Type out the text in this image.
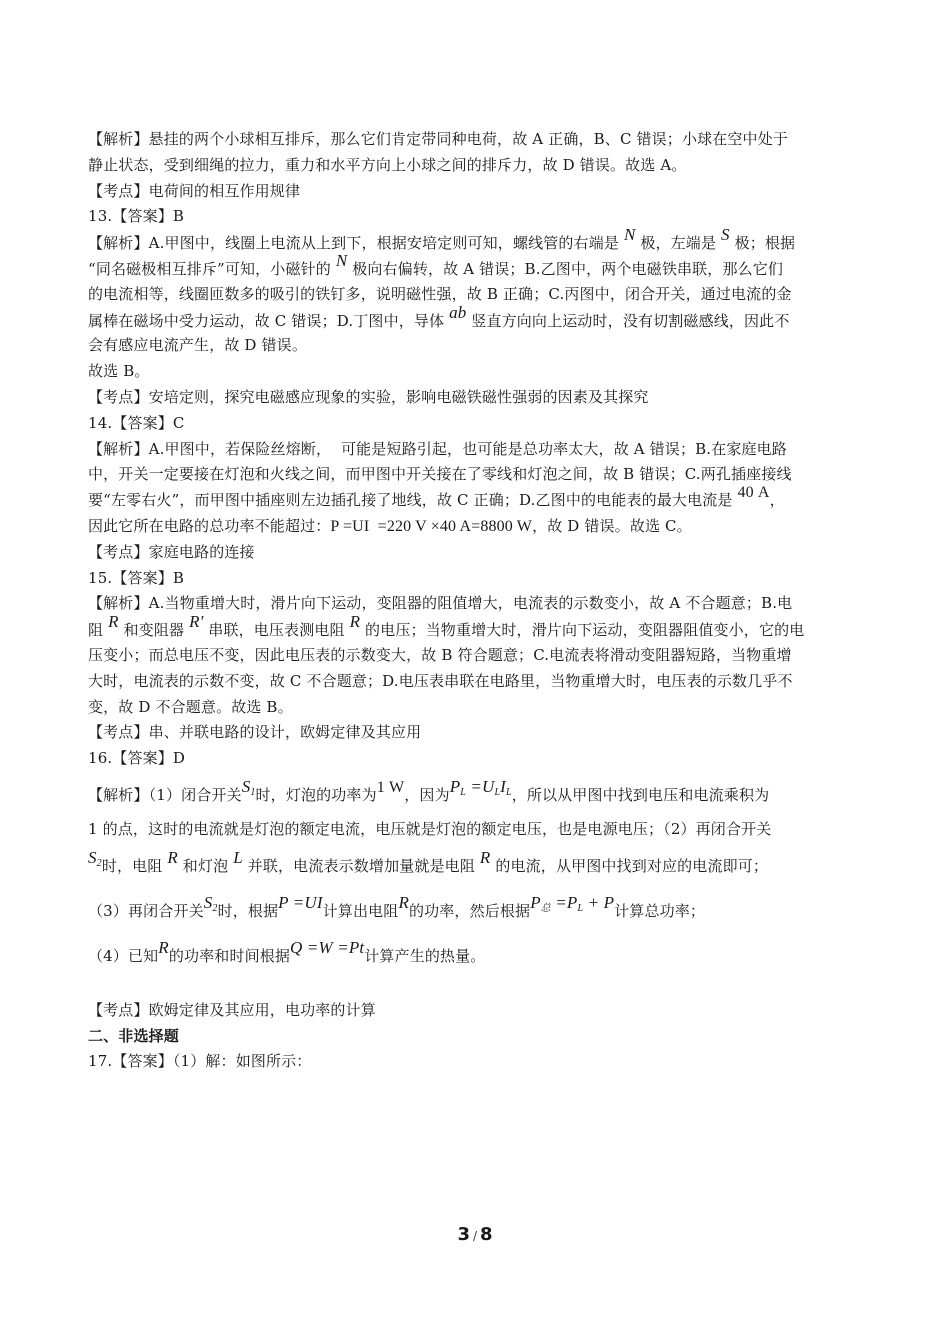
【解析】悬挂的两个小球相互排斥，那么它们肯定带同种电荷，故 A 正确，B、C 错误；小球在空中处于
静止状态，受到细绳的拉力，重力和水平方向上小球之间的排斥力，故 D 错误。故选 A。
【考点】电荷间的相互作用规律
13.【答案】B
【解析】A.甲图中，线圈上电流从上到下，根据安培定则可知，螺线管的右端是 N 极，左端是 S 极；根据
“同名磁极相互排斥”可知，小磁针的 N 极向右偏转，故 A 错误；B.乙图中，两个电磁铁串联，那么它们
的电流相等，线圈匝数多的吸引的铁钉多，说明磁性强，故 B 正确；C.丙图中，闭合开关，通过电流的金
属棒在磁场中受力运动，故 C 错误；D.丁图中，导体 ab 竖直方向向上运动时，没有切割磁感线，因此不
会有感应电流产生，故 D 错误。
故选 B。
【考点】安培定则，探究电磁感应现象的实验，影响电磁铁磁性强弱的因素及其探究
14.【答案】C
【解析】A.甲图中，若保险丝熔断，  可能是短路引起，也可能是总功率太大，故 A 错误；B.在家庭电路
中，开关一定要接在灯泡和火线之间，而甲图中开关接在了零线和灯泡之间，故 B 错误；C.两孔插座接线
要“左零右火”，而甲图中插座则左边插孔接了地线，故 C 正确；D.乙图中的电能表的最大电流是 40 A，
因此它所在电路的总功率不能超过：P =UI  =220 V ×40 A=8800 W，故 D 错误。故选 C。
【考点】家庭电路的连接
15.【答案】B
【解析】A.当物重增大时，滑片向下运动，变阻器的阻值增大，电流表的示数变小，故 A 不合题意；B.电
阻 R 和变阻器 R' 串联，电压表测电阻 R 的电压；当物重增大时，滑片向下运动，变阻器阻值变小，它的电
压变小；而总电压不变，因此电压表的示数变大，故 B 符合题意；C.电流表将滑动变阻器短路，当物重增
大时，电流表的示数不变，故 C 不合题意；D.电压表串联在电路里，当物重增大时，电压表的示数几乎不
变，故 D 不合题意。故选 B。
【考点】串、并联电路的设计，欧姆定律及其应用
16.【答案】D
【解析】（1）闭合开关$S_1$时，灯泡的功率为1 W，因为$P_L =U_LI_L$，所以从甲图中找到电压和电流乘积为
1 的点，这时的电流就是灯泡的额定电流，电压就是灯泡的额定电压，也是电源电压；（2）再闭合开关
$S_2$时，电阻 R 和灯泡 L 并联，电流表示数增加量就是电阻 R 的电流，从甲图中找到对应的电流即可；
（3）再闭合开关$S_2$时，根据P =UI计算出电阻R的功率，然后根据$P_总 =P_L + P$计算总功率；
（4）已知R的功率和时间根据Q =W =Pt计算产生的热量。
【考点】欧姆定律及其应用，电功率的计算
二、非选择题
17.【答案】（1）解：如图所示：
3 / 8
